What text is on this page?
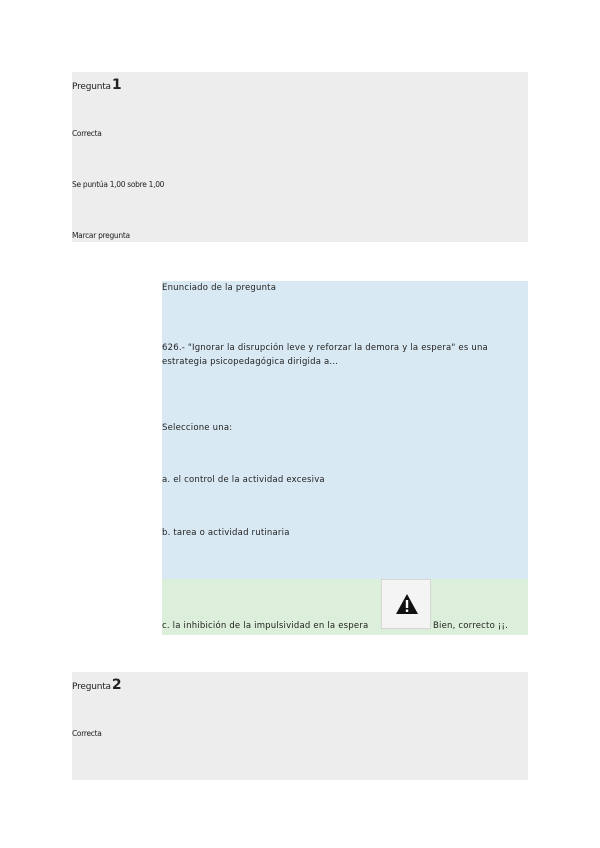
Pregunta1
Correcta
Se puntúa 1,00 sobre 1,00
Marcar pregunta
Enunciado de la pregunta
626.- "Ignorar la disrupción leve y reforzar la demora y la espera" es una
estrategia psicopedagógica dirigida a...
Seleccione una:
a. el control de la actividad excesiva
b. tarea o actividad rutinaria
c. la inhibición de la impulsividad en la espera	Bien, correcto ¡¡.
Pregunta2
Correcta
